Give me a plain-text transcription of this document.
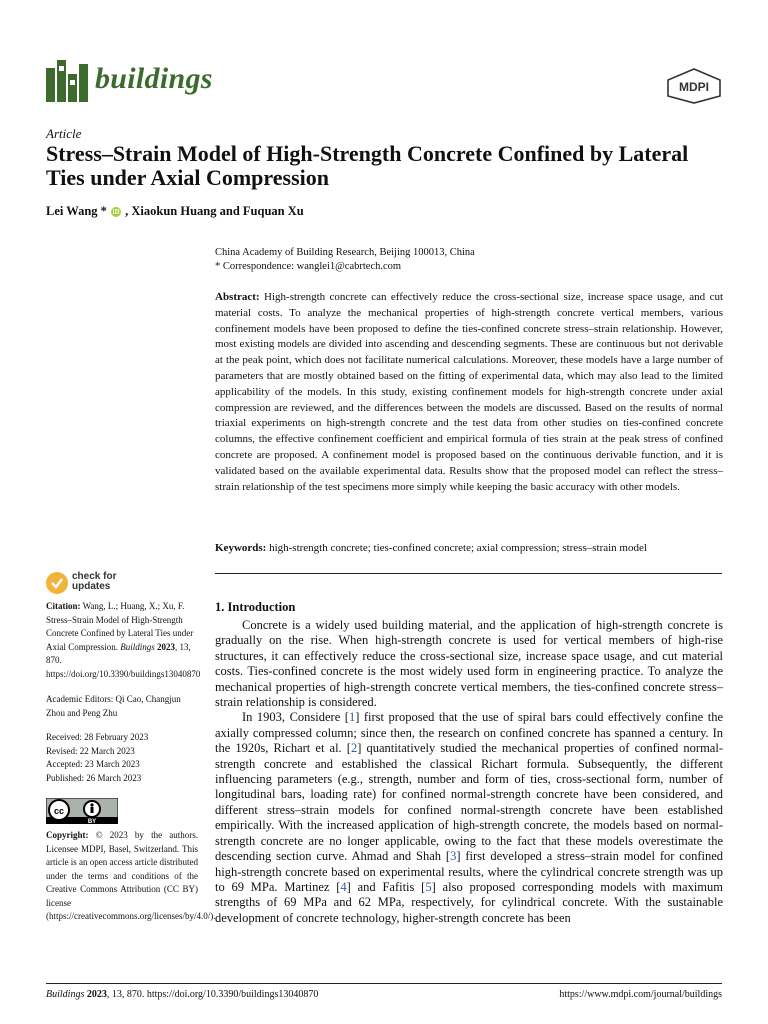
buildings	MDPI
Article
Stress–Strain Model of High-Strength Concrete Confined by Lateral Ties under Axial Compression
Lei Wang * iD , Xiaokun Huang and Fuquan Xu
China Academy of Building Research, Beijing 100013, China
* Correspondence: wanglei1@cabrtech.com
Abstract: High-strength concrete can effectively reduce the cross-sectional size, increase space usage, and cut material costs. To analyze the mechanical properties of high-strength concrete vertical members, various confinement models have been proposed to define the ties-confined concrete stress–strain relationship. However, most existing models are divided into ascending and descending segments. These are continuous but not derivable at the peak point, which does not facilitate numerical calculations. Moreover, these models have a large number of parameters that are mostly obtained based on the fitting of experimental data, which may also lead to the limited applicability of the models. In this study, existing confinement models for high-strength concrete under axial compression are reviewed, and the differences between the models are discussed. Based on the results of normal triaxial experiments on high-strength concrete and the test data from other studies on ties-confined concrete columns, the effective confinement coefficient and empirical formula of ties strain at the peak stress of confined concrete are proposed. A confinement model is proposed based on the continuous derivable function, and it is validated based on the available experimental data. Results show that the proposed model can reflect the stress–strain relationship of the test specimens more simply while keeping the basic accuracy with other models.
Keywords: high-strength concrete; ties-confined concrete; axial compression; stress–strain model
check for
updates
Citation: Wang, L.; Huang, X.; Xu, F. Stress–Strain Model of High-Strength Concrete Confined by Lateral Ties under Axial Compression. Buildings 2023, 13, 870. https://doi.org/10.3390/buildings13040870
Academic Editors: Qi Cao, Changjun Zhou and Peng Zhu
Received: 28 February 2023
Revised: 22 March 2023
Accepted: 23 March 2023
Published: 26 March 2023
cc
BY
Copyright: © 2023 by the authors. Licensee MDPI, Basel, Switzerland. This article is an open access article distributed under the terms and conditions of the Creative Commons Attribution (CC BY) license (https://creativecommons.org/licenses/by/4.0/).
1. Introduction

Concrete is a widely used building material, and the application of high-strength concrete is gradually on the rise. When high-strength concrete is used for vertical members of high-rise structures, it can effectively reduce the cross-sectional size, increase space usage, and cut material costs. Ties-confined concrete is the most widely used form in engineering practice. To analyze the mechanical properties of high-strength concrete vertical members, the ties-confined concrete stress–strain relationship is considered.

In 1903, Considere [1] first proposed that the use of spiral bars could effectively confine the axially compressed column; since then, the research on confined concrete has spanned a century. In the 1920s, Richart et al. [2] quantitatively studied the mechanical properties of confined normal-strength concrete and established the classical Richart formula. Subsequently, the different influencing parameters (e.g., strength, number and form of ties, cross-sectional form, number of longitudinal bars, loading rate) for confined normal-strength concrete have been considered, and different stress–strain models for confined normal-strength concrete have been established empirically. With the increased application of high-strength concrete, the models based on normal-strength concrete are no longer applicable, owing to the fact that these models overestimate the descending section curve. Ahmad and Shah [3] first developed a stress–strain model for confined high-strength concrete based on experimental results, where the cylindrical concrete strength was up to 69 MPa. Martinez [4] and Fafitis [5] also proposed corresponding models with maximum strengths of 69 MPa and 62 MPa, respectively, for cylindrical concrete. With the sustainable development of concrete technology, higher-strength concrete has been

Buildings 2023, 13, 870. https://doi.org/10.3390/buildings13040870	https://www.mdpi.com/journal/buildings
